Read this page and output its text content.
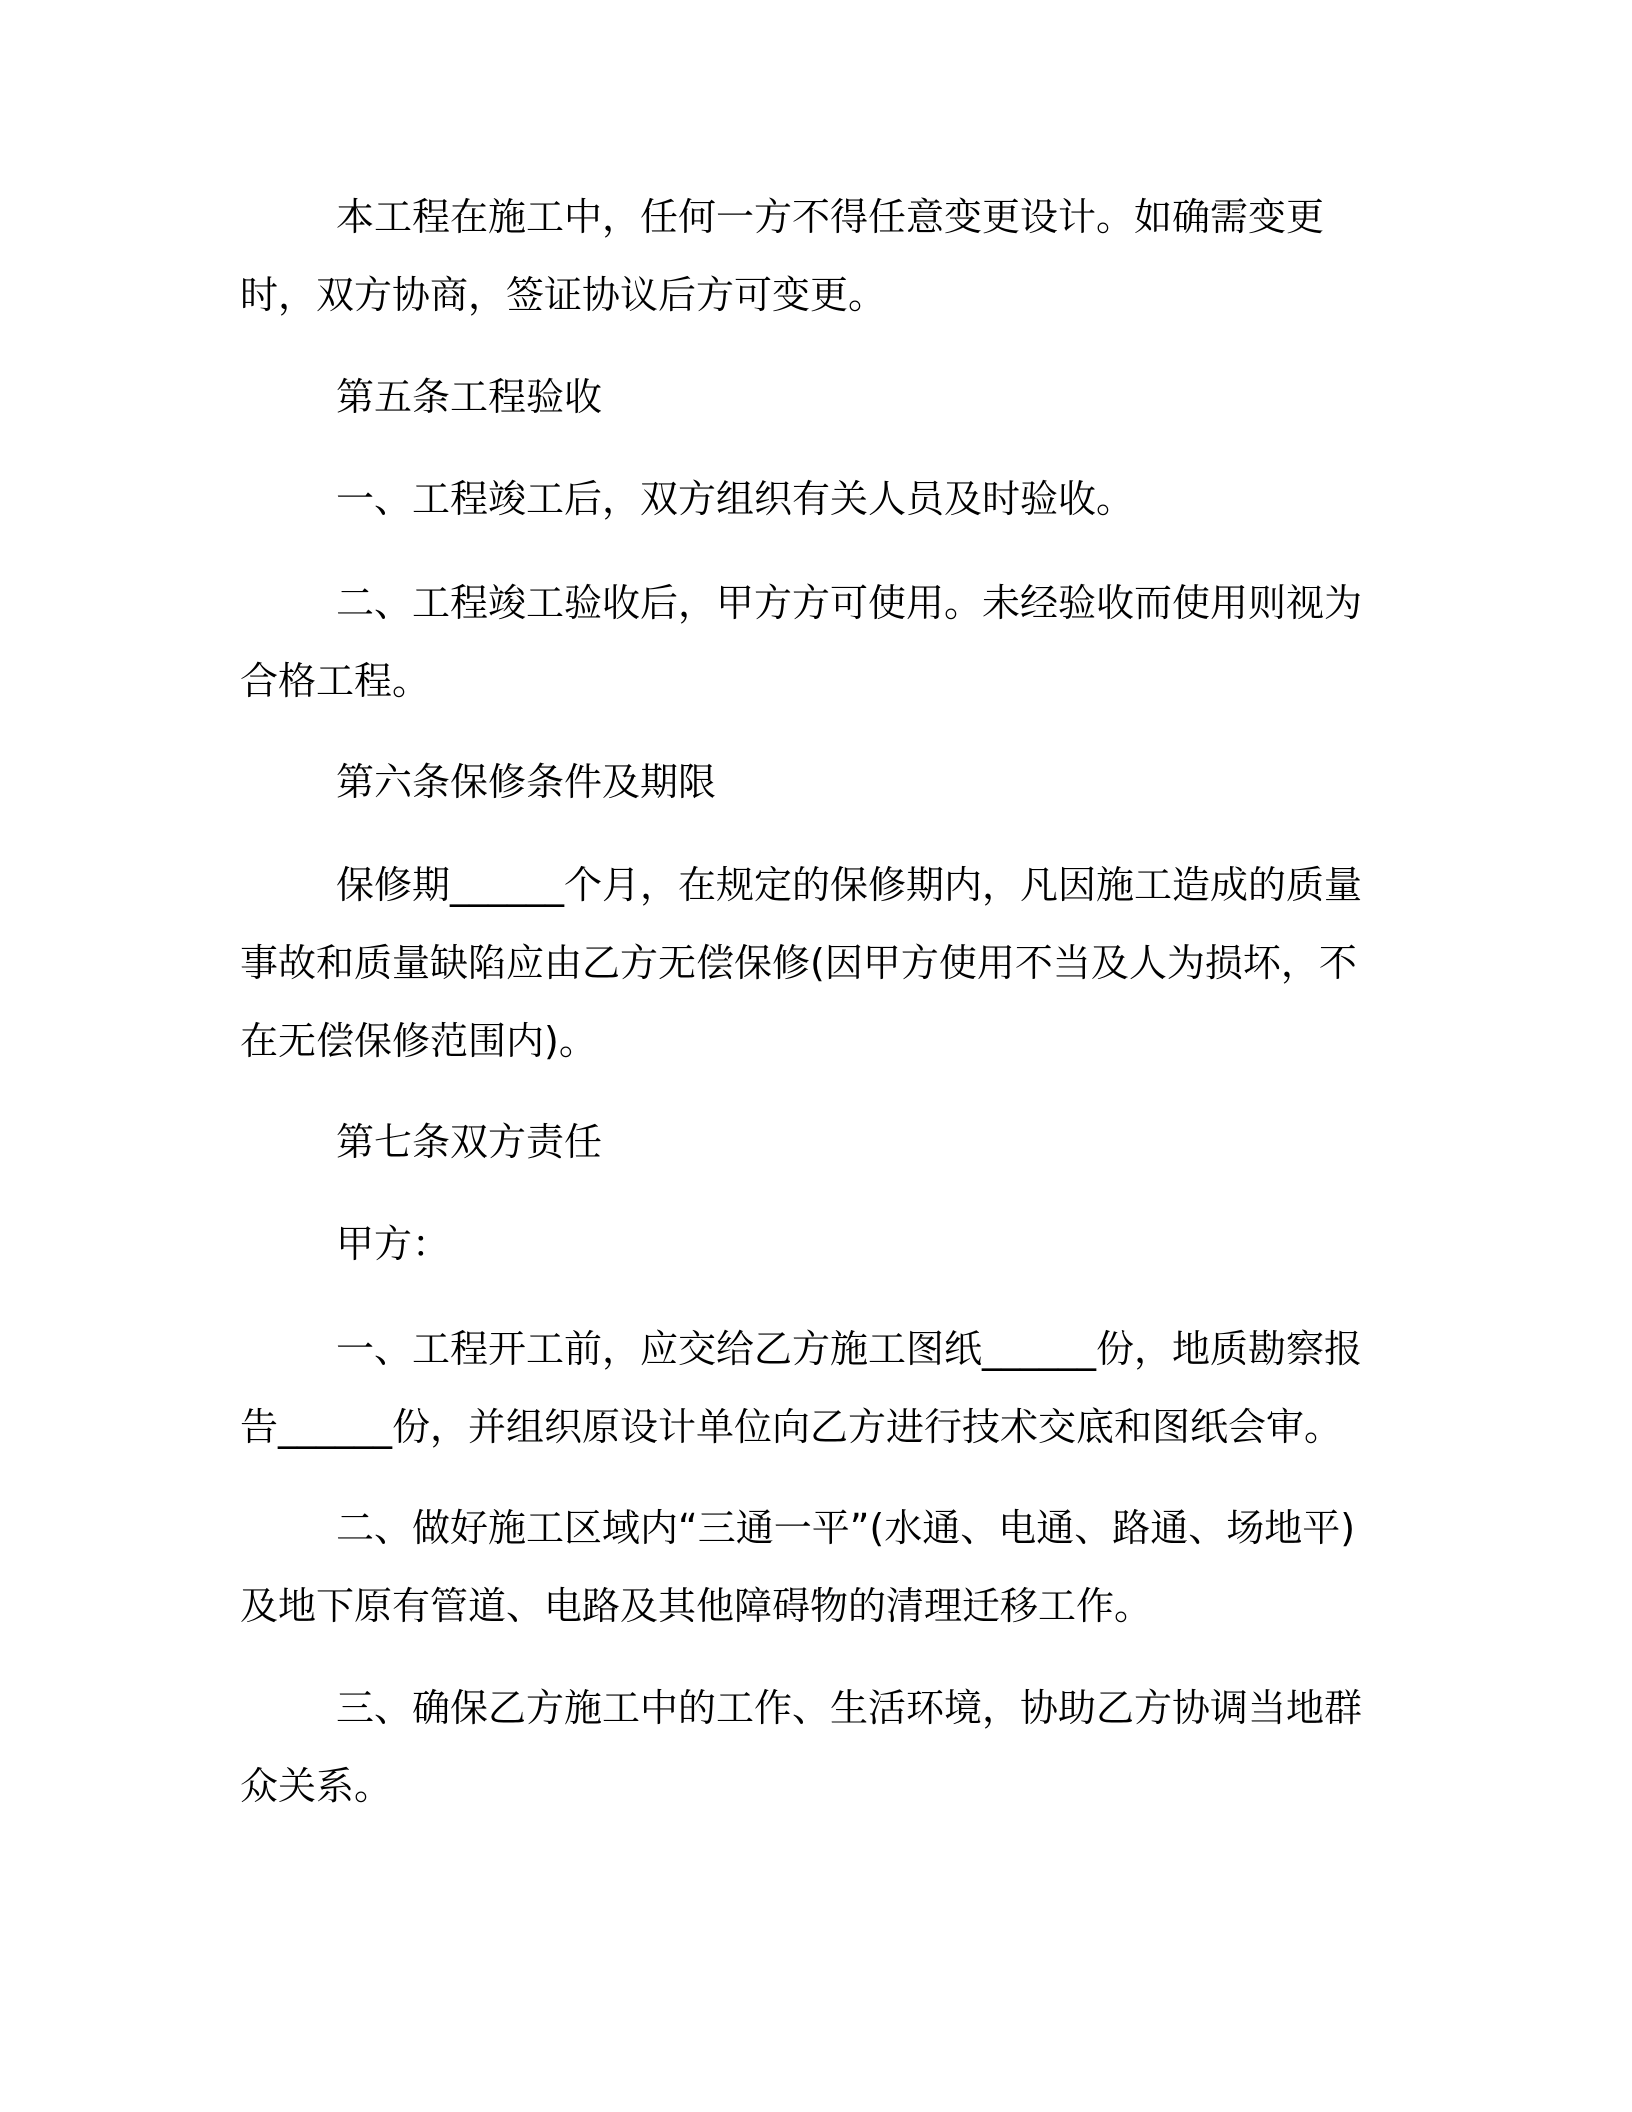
本工程在施工中，任何一方不得任意变更设计。如确需变更时，双方协商，签证协议后方可变更。

第五条工程验收

一、工程竣工后，双方组织有关人员及时验收。

二、工程竣工验收后，甲方方可使用。未经验收而使用则视为合格工程。

第六条保修条件及期限

保修期______个月，在规定的保修期内，凡因施工造成的质量事故和质量缺陷应由乙方无偿保修(因甲方使用不当及人为损坏，不在无偿保修范围内)。

第七条双方责任

甲方：

一、工程开工前，应交给乙方施工图纸______份，地质勘察报告______份，并组织原设计单位向乙方进行技术交底和图纸会审。

二、做好施工区域内“三通一平”(水通、电通、路通、场地平)及地下原有管道、电路及其他障碍物的清理迁移工作。

三、确保乙方施工中的工作、生活环境，协助乙方协调当地群众关系。
